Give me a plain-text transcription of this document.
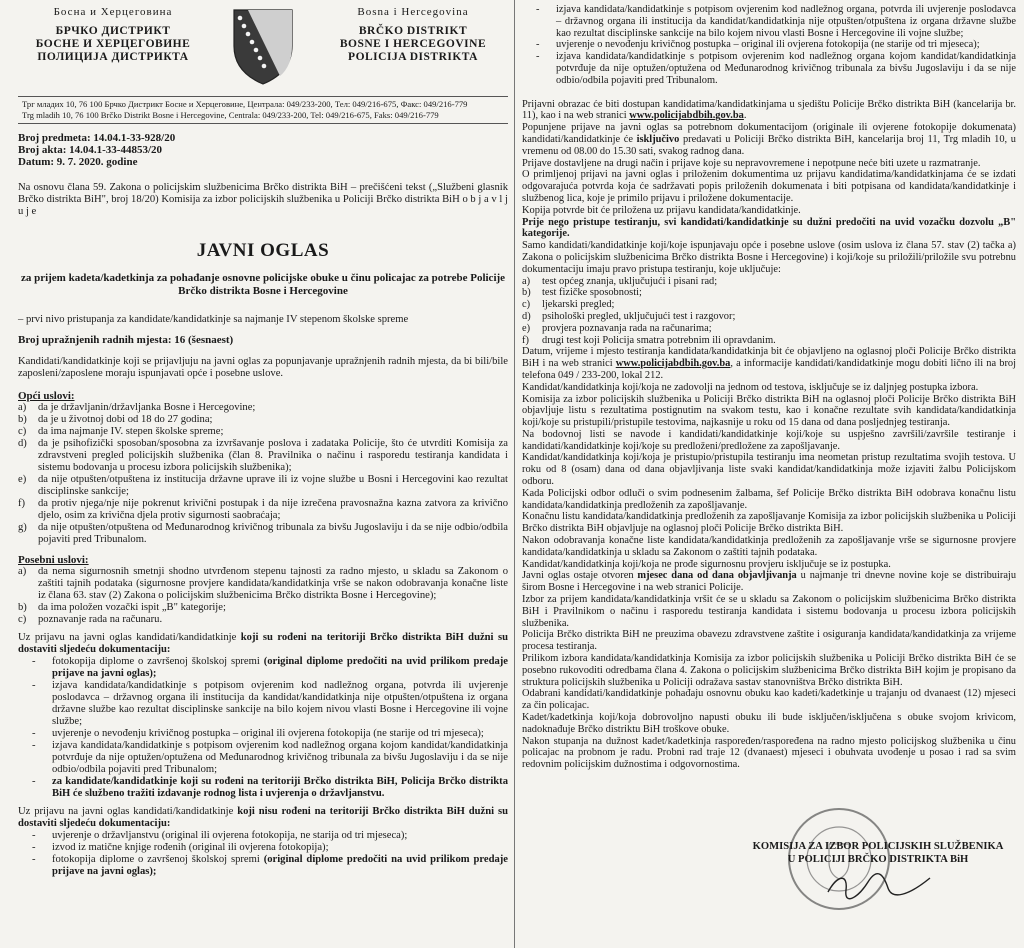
Босна и Херцеговина
БРЧКО ДИСТРИКТ
БОСНЕ И ХЕРЦЕГОВИНЕ
ПОЛИЦИЈА ДИСТРИКТА
Bosna i Hercegovina
BRČKO DISTRIKT
BOSNE I HERCEGOVINE
POLICIJA DISTRIKTA
Трг младих 10, 76 100 Брчко Дистрикт Босне и Херцеговине, Централа: 049/233-200, Тел: 049/216-675, Факс: 049/216-779
Trg mladih 10, 76 100 Brčko Distrikt Bosne i Hercegovine, Centrala: 049/233-200, Tel: 049/216-675, Faks: 049/216-779
Broj predmeta: 14.04.1-33-928/20
Broj akta: 14.04.1-33-44853/20
Datum: 9. 7. 2020. godine

Na osnovu člana 59. Zakona o policijskim službenicima Brčko distrikta BiH – prečišćeni tekst („Službeni glasnik Brčko distrikta BiH", broj 18/20) Komisija za izbor policijskih službenika u Policiji Brčko distrikta BiH o b j a v l j u j e

JAVNI OGLAS
za prijem kadeta/kadetkinja za pohađanje osnovne policijske obuke u činu policajac za potrebe Policije Brčko distrikta Bosne i Hercegovine

– prvi nivo pristupanja za kandidate/kandidatkinje sa najmanje IV stepenom školske spreme

Broj upražnjenih radnih mjesta: 16 (šesnaest)

Kandidati/kandidatkinje koji se prijavljuju na javni oglas za popunjavanje upražnjenih radnih mjesta, da bi bili/bile zaposleni/zaposlene moraju ispunjavati opće i posebne uslove.

Opći uslovi:
a) da je državljanin/državljanka Bosne i Hercegovine;
b) da je u životnoj dobi od 18 do 27 godina;
c) da ima najmanje IV. stepen školske spreme;
d) da je psihofizički sposoban/sposobna za izvršavanje poslova i zadataka Policije, što će utvrditi Komisija za zdravstveni pregled policijskih službenika (član 8. Pravilnika o načinu i rasporedu testiranja kandidata i sistemu bodovanja u procesu izbora policijskih službenika);
e) da nije otpušten/otpuštena iz institucija državne uprave ili iz vojne službe u Bosni i Hercegovini kao rezultat disciplinske sankcije;
f) da protiv njega/nje nije pokrenut krivični postupak i da nije izrečena pravosnažna kazna zatvora za krivično djelo, osim za krivična djela protiv sigurnosti saobraćaja;
g) da nije otpušten/otpuštena od Međunarodnog krivičnog tribunala za bivšu Jugoslaviju i da se nije odbio/odbila pojaviti pred Tribunalom.
Posebni uslovi:
a) da nema sigurnosnih smetnji shodno utvrđenom stepenu tajnosti za radno mjesto, u skladu sa Zakonom o zaštiti tajnih podataka (sigurnosne provjere kandidata/kandidatkinja vrše se nakon odobravanja konačne liste iz člana 63. stav (2) Zakona o policijskim službenicima Brčko distrikta Bosne i Hercegovine);
b) da ima položen vozački ispit „B" kategorije;
c) poznavanje rada na računaru.

Uz prijavu na javni oglas kandidati/kandidatkinje koji su rođeni na teritoriji Brčko distrikta BiH dužni su dostaviti sljedeću dokumentaciju:

- fotokopija diplome o završenoj školskoj spremi (original diplome predočiti na uvid prilikom predaje prijave na javni oglas);
- izjava kandidata/kandidatkinje s potpisom ovjerenim kod nadležnog organa, potvrda ili uvjerenje poslodavca – državnog organa ili institucija da kandidat/kandidatkinja nije otpušten/otpuštena iz organa državne službe kao rezultat disciplinske sankcije na bilo kojem nivou vlasti Bosne i Hercegovine ili vojne službe;
- uvjerenje o nevođenju krivičnog postupka – original ili ovjerena fotokopija (ne starije od tri mjeseca);
- izjava kandidata/kandidatkinje s potpisom ovjerenim kod nadležnog organa kojom kandidat/kandidatkinja potvrđuje da nije optužen/optužena od Međunarodnog krivičnog tribunala za bivšu Jugoslaviju i da se nije odbio/odbila pojaviti pred Tribunalom;
- za kandidate/kandidatkinje koji su rođeni na teritoriji Brčko distrikta BiH, Policija Brčko distrikta BiH će službeno tražiti izdavanje rodnog lista i uvjerenja o državljanstvu.

Uz prijavu na javni oglas kandidati/kandidatkinje koji nisu rođeni na teritoriji Brčko distrikta BiH dužni su dostaviti sljedeću dokumentaciju:

- uvjerenje o državljanstvu (original ili ovjerena fotokopija, ne starija od tri mjeseca);
- izvod iz matične knjige rođenih (original ili ovjerena fotokopija);
- fotokopija diplome o završenoj školskoj spremi (original diplome predočiti na uvid prilikom predaje prijave na javni oglas);
- izjava kandidata/kandidatkinje s potpisom ovjerenim kod nadležnog organa, potvrda ili uvjerenje poslodavca – državnog organa ili institucija da kandidat/kandidatkinja nije otpušten/otpuštena iz organa državne službe kao rezultat disciplinske sankcije na bilo kojem nivou vlasti Bosne i Hercegovine ili vojne službe;
- uvjerenje o nevođenju krivičnog postupka – original ili ovjerena fotokopija (ne starije od tri mjeseca);
- izjava kandidata/kandidatkinje s potpisom ovjerenim kod nadležnog organa kojom kandidat/kandidatkinja potvrđuje da nije optužen/optužena od Međunarodnog krivičnog tribunala za bivšu Jugoslaviju i da se nije odbio/odbila pojaviti pred Tribunalom.

Prijavni obrazac će biti dostupan kandidatima/kandidatkinjama u sjedištu Policije Brčko distrikta BiH (kancelarija br. 11), kao i na web stranici www.policijabdbih.gov.ba.

Popunjene prijave na javni oglas sa potrebnom dokumentacijom (originale ili ovjerene fotokopije dokumenata) kandidati/kandidatkinje će isključivo predavati u Policiji Brčko distrikta BiH, kancelarija broj 11, Trg mladih 10, u vremenu od 08.00 do 15.30 sati, svakog radnog dana.

Prijave dostavljene na drugi način i prijave koje su nepravovremene i nepotpune neće biti uzete u razmatranje.

O primljenoj prijavi na javni oglas i priloženim dokumentima uz prijavu kandidatima/kandidatkinjama će se izdati odgovarajuća potvrda koja će sadržavati popis priloženih dokumenata i biti potpisana od kandidata/kandidatkinje i službenog lica, koje je primilo prijavu i priložene dokumentacije.

Kopija potvrde bit će priložena uz prijavu kandidata/kandidatkinje.

Prije nego pristupe testiranju, svi kandidati/kandidatkinje su dužni predočiti na uvid vozačku dozvolu „B" kategorije.

Samo kandidati/kandidatkinje koji/koje ispunjavaju opće i posebne uslove (osim uslova iz člana 57. stav (2) tačka a) Zakona o policijskim službenicima Brčko distrikta Bosne i Hercegovine) i koji/koje su priložili/priložile svu potrebnu dokumentaciju imaju pravo pristupa testiranju, koje uključuje:

a) test općeg znanja, uključujući i pisani rad;
b) test fizičke sposobnosti;
c) ljekarski pregled;
d) psihološki pregled, uključujući test i razgovor;
e) provjera poznavanja rada na računarima;
f) drugi test koji Policija smatra potrebnim ili opravdanim.

Datum, vrijeme i mjesto testiranja kandidata/kandidatkinja bit će objavljeno na oglasnoj ploči Policije Brčko distrikta BiH i na web stranici www.policijabdbih.gov.ba, a informacije kandidati/kandidatkinje mogu dobiti lično ili na broj telefona 049 / 233-200, lokal 212.

Kandidat/kandidatkinja koji/koja ne zadovolji na jednom od testova, isključuje se iz daljnjeg postupka izbora.

Komisija za izbor policijskih službenika u Policiji Brčko distrikta BiH na oglasnoj ploči Policije Brčko distrikta BiH objavljuje listu s rezultatima postignutim na svakom testu, kao i konačne rezultate svih kandidata/kandidatkinja koji/koje su pristupili/pristupile testovima, najkasnije u roku od 15 dana od dana posljednjeg testiranja.

Na bodovnoj listi se navode i kandidati/kandidatkinje koji/koje su uspješno završili/završile testiranje i kandidati/kandidatkinje koji/koje su predloženi/predložene za zapošljavanje.

Kandidat/kandidatkinja koji/koja je pristupio/pristupila testiranju ima neometan pristup rezultatima svojih testova. U roku od 8 (osam) dana od dana objavljivanja liste svaki kandidat/kandidatkinja može izjaviti žalbu Policijskom odboru.

Kada Policijski odbor odluči o svim podnesenim žalbama, šef Policije Brčko distrikta BiH odobrava konačnu listu kandidata/kandidatkinja predloženih za zapošljavanje.

Konačnu listu kandidata/kandidatkinja predloženih za zapošljavanje Komisija za izbor policijskih službenika u Policiji Brčko distrikta BiH objavljuje na oglasnoj ploči Policije Brčko distrikta BiH.

Nakon odobravanja konačne liste kandidata/kandidatkinja predloženih za zapošljavanje vrše se sigurnosne provjere kandidata/kandidatkinja u skladu sa Zakonom o zaštiti tajnih podataka.

Kandidat/kandidatkinja koji/koja ne prođe sigurnosnu provjeru isključuje se iz postupka.

Javni oglas ostaje otvoren mjesec dana od dana objavljivanja u najmanje tri dnevne novine koje se distribuiraju širom Bosne i Hercegovine i na web stranici Policije.

Izbor za prijem kandidata/kandidatkinja vršit će se u skladu sa Zakonom o policijskim službenicima Brčko distrikta BiH i Pravilnikom o načinu i rasporedu testiranja kandidata i sistemu bodovanja u procesu izbora policijskih službenika.

Policija Brčko distrikta BiH ne preuzima obavezu zdravstvene zaštite i osiguranja kandidata/kandidatkinja za vrijeme procesa testiranja.

Prilikom izbora kandidata/kandidatkinja Komisija za izbor policijskih službenika u Policiji Brčko distrikta BiH će se posebno rukovoditi odredbama člana 4. Zakona o policijskim službenicima Brčko distrikta BiH kojim je propisano da struktura policijskih službenika u Policiji odražava sastav stanovništva Brčko distrikta BiH.

Odabrani kandidati/kandidatkinje pohađaju osnovnu obuku kao kadeti/kadetkinje u trajanju od dvanaest (12) mjeseci za čin policajac.

Kadet/kadetkinja koji/koja dobrovoljno napusti obuku ili bude isključen/isključena s obuke svojom krivicom, nadoknađuje Brčko distriktu BiH troškove obuke.

Nakon stupanja na dužnost kadet/kadetkinja raspoređen/raspoređena na radno mjesto policijskog službenika u činu policajac na probnom je radu. Probni rad traje 12 (dvanaest) mjeseci i obuhvata uvođenje u posao i rad sa svim redovnim policijskim dužnostima i odgovornostima.

KOMISIJA ZA IZBOR POLICIJSKIH SLUŽBENIKA
U POLICIJI BRČKO DISTRIKTA BiH
